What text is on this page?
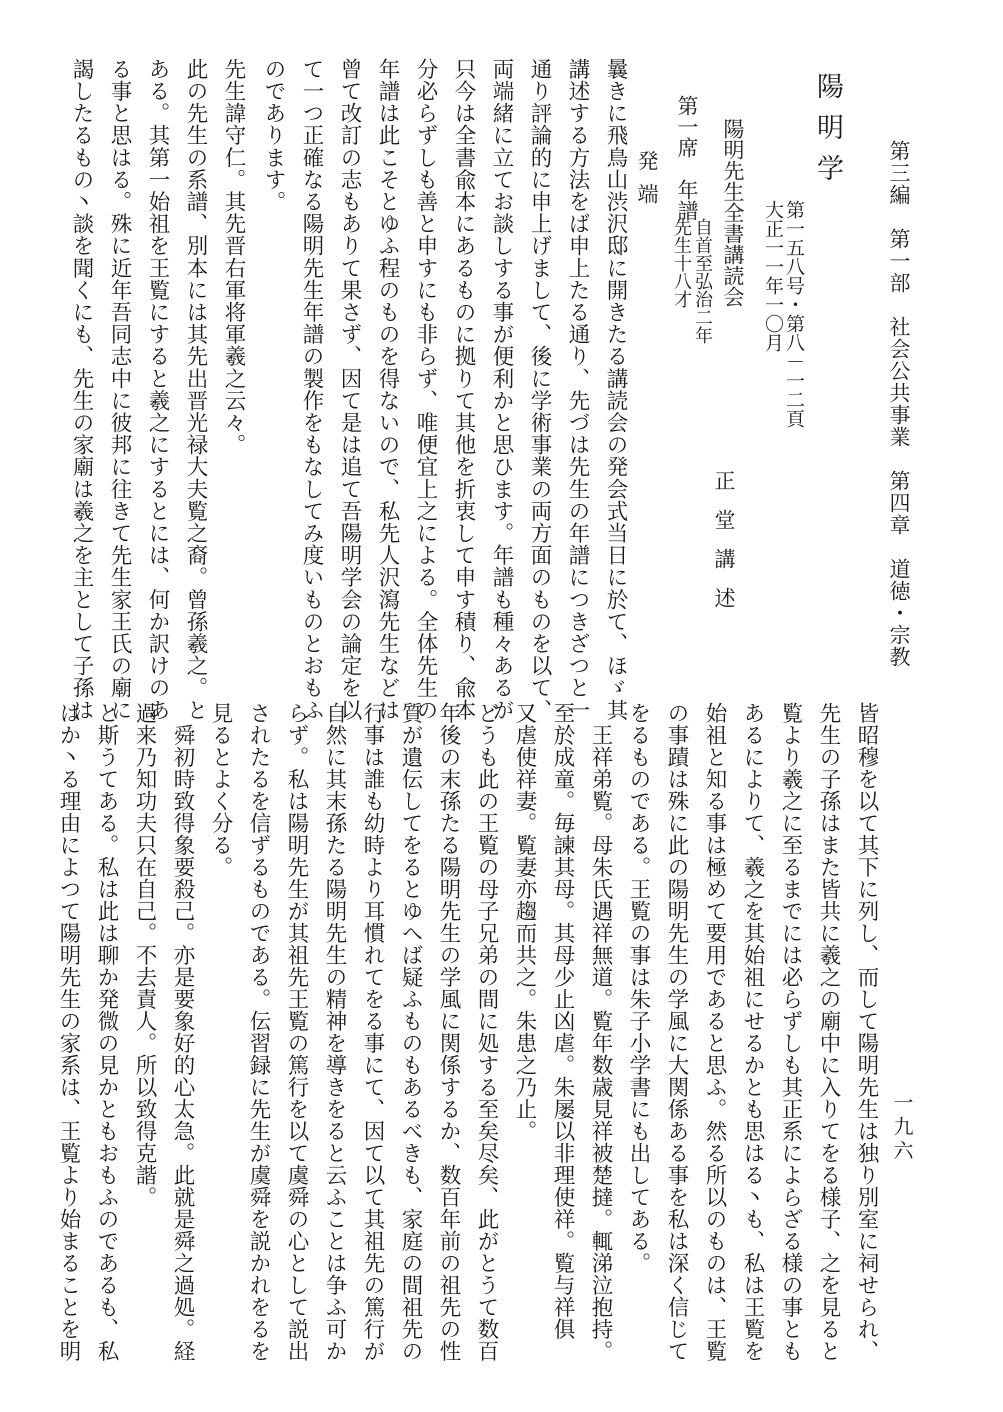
第三編　第一部　社会公共事業　第四章　道徳・宗教
一九六
陽明学
第一五八号・第八－一二頁
大正一一年一〇月
陽明先生全書講読会
正堂講述
第一席　年譜
自首至弘治二年
先生十八才
発端
曩きに飛鳥山渋沢邸に開きたる講読会の発会式当日に於て、ほゞ其
講述する方法をば申上たる通り、先づは先生の年譜につきざつと一
通り評論的に申上げまして、後に学術事業の両方面のものを以て、
両端緒に立てお談しする事が便利かと思ひます。年譜も種々あるが
只今は全書兪本にあるものに拠りて其他を折衷して申す積り、兪本
分必らずしも善と申すにも非らず、唯便宜上之による。全体先生の
年譜は此こそとゆふ程のものを得ないので、私先人沢瀉先生などは
曾て改訂の志もありて果さず、因て是は追て吾陽明学会の論定を以
て一つ正確なる陽明先生年譜の製作をもなしてみ度いものとおもふ
のであります。
先生諱守仁。其先晋右軍将軍羲之云々。
此の先生の系譜、別本には其先出晋光禄大夫覧之裔。曾孫羲之。と
ある。其第一始祖を王覧にすると羲之にするとには、何か訳けのあ
る事と思はる。殊に近年吾同志中に彼邦に往きて先生家王氏の廟に
謁したるもの丶談を聞くにも、先生の家廟は羲之を主として子孫は
皆昭穆を以て其下に列し、而して陽明先生は独り別室に祠せられ、
先生の子孫はまた皆共に羲之の廟中に入りてをる様子、之を見ると
覧より羲之に至るまでには必らずしも其正系によらざる様の事とも
あるによりて、羲之を其始祖にせるかとも思はる丶も、私は王覧を
始祖と知る事は極めて要用であると思ふ。然る所以のものは、王覧
の事蹟は殊に此の陽明先生の学風に大関係ある事を私は深く信じて
をるものである。王覧の事は朱子小学書にも出してある。
王祥弟覧。母朱氏遇祥無道。覧年数歳見祥被楚撻。輒涕泣抱持。
至於成童。毎諫其母。其母少止凶虐。朱屡以非理使祥。覧与祥俱
又虐使祥妻。覧妻亦趨而共之。朱患之乃止。
どうも此の王覧の母子兄弟の間に処する至矣尽矣、此がとうて数百
年後の末孫たる陽明先生の学風に関係するか、数百年前の祖先の性
質が遺伝してをるとゆへば疑ふものもあるべきも、家庭の間祖先の
行事は誰も幼時より耳慣れてをる事にて、因て以て其祖先の篤行が
自然に其末孫たる陽明先生の精神を導きをると云ふことは争ふ可か
らず。私は陽明先生が其祖先王覧の篤行を以て虞舜の心として説出
されたるを信ずるものである。伝習録に先生が虞舜を説かれをるを
見るとよく分る。
舜初時致得象要殺己。亦是要象好的心太急。此就是舜之過処。経
過来乃知功夫只在自己。不去責人。所以致得克諧。
と斯うてある。私は此は聊か発微の見かともおもふのであるも、私
はか丶る理由によつて陽明先生の家系は、王覧より始まることを明
